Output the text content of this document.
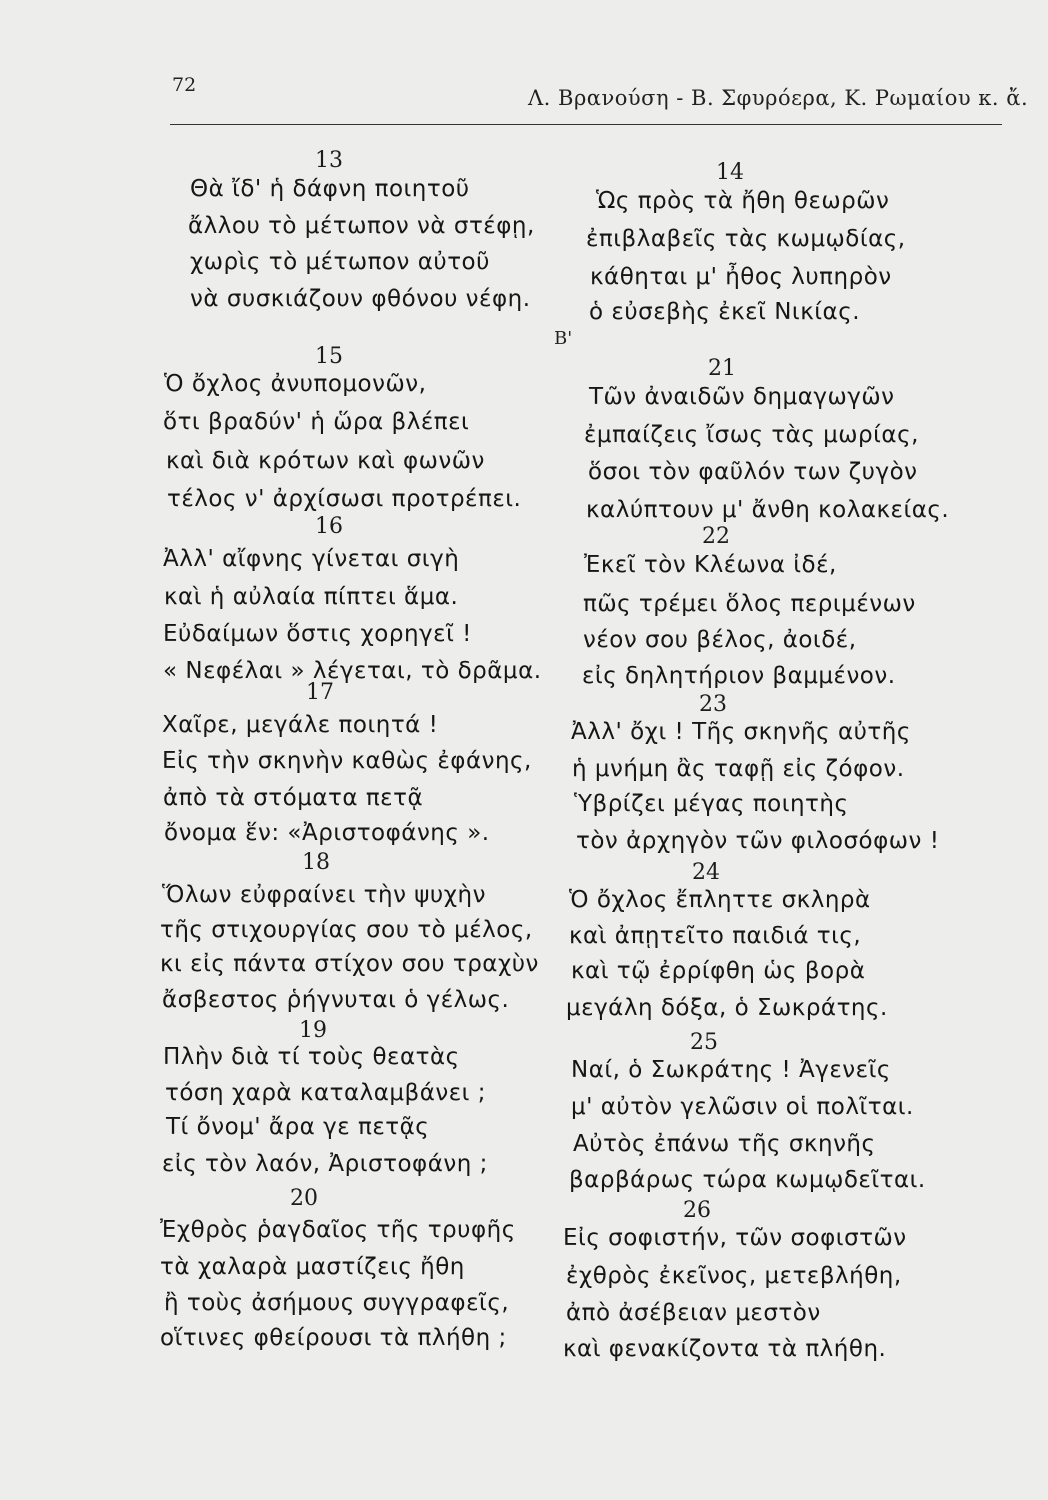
72
Λ. Βρανούση - Β. Σφυρόερα, Κ. Ρωμαίου κ. ἄ.
Β'
13
Θὰ ἴδ' ἡ δάφνη ποιητοῦ
ἄλλου τὸ μέτωπον νὰ στέφῃ,
χωρὶς τὸ μέτωπον αὐτοῦ
νὰ συσκιάζουν φθόνου νέφη.
15
Ὁ ὄχλος ἀνυπομονῶν,
ὅτι βραδύν' ἡ ὥρα βλέπει
καὶ διὰ κρότων καὶ φωνῶν
τέλος ν' ἀρχίσωσι προτρέπει.
16
Ἀλλ' αἴφνης γίνεται σιγὴ
καὶ ἡ αὐλαία πίπτει ἅμα.
Εὐδαίμων ὅστις χορηγεῖ !
« Νεφέλαι » λέγεται, τὸ δρᾶμα.
17
Χαῖρε, μεγάλε ποιητά !
Εἰς τὴν σκηνὴν καθὼς ἐφάνης,
ἀπὸ τὰ στόματα πετᾷ
ὄνομα ἕν: «Ἀριστοφάνης ».
18
Ὅλων εὐφραίνει τὴν ψυχὴν
τῆς στιχουργίας σου τὸ μέλος,
κι εἰς πάντα στίχον σου τραχὺν
ἄσβεστος ῥήγνυται ὁ γέλως.
19
Πλὴν διὰ τί τοὺς θεατὰς
τόση χαρὰ καταλαμβάνει ;
Τί ὄνομ' ἄρα γε πετᾷς
εἰς τὸν λαόν, Ἀριστοφάνη ;
20
Ἐχθρὸς ῥαγδαῖος τῆς τρυφῆς
τὰ χαλαρὰ μαστίζεις ἤθη
ἢ τοὺς ἀσήμους συγγραφεῖς,
οἵτινες φθείρουσι τὰ πλήθη ;
14
Ὡς πρὸς τὰ ἤθη θεωρῶν
ἐπιβλαβεῖς τὰς κωμῳδίας,
κάθηται μ' ἦθος λυπηρὸν
ὁ εὐσεβὴς ἐκεῖ Νικίας.
21
Τῶν ἀναιδῶν δημαγωγῶν
ἐμπαίζεις ἴσως τὰς μωρίας,
ὅσοι τὸν φαῦλόν των ζυγὸν
καλύπτουν μ' ἄνθη κολακείας.
22
Ἐκεῖ τὸν Κλέωνα ἰδέ,
πῶς τρέμει ὅλος περιμένων
νέον σου βέλος, ἀοιδέ,
εἰς δηλητήριον βαμμένον.
23
Ἀλλ' ὄχι ! Τῆς σκηνῆς αὐτῆς
ἡ μνήμη ἂς ταφῇ εἰς ζόφον.
Ὑβρίζει μέγας ποιητὴς
τὸν ἀρχηγὸν τῶν φιλοσόφων !
24
Ὁ ὄχλος ἔπληττε σκληρὰ
καὶ ἀπῃτεῖτο παιδιά τις,
καὶ τῷ ἐρρίφθη ὡς βορὰ
μεγάλη δόξα, ὁ Σωκράτης.
25
Ναί, ὁ Σωκράτης ! Ἀγενεῖς
μ' αὐτὸν γελῶσιν οἱ πολῖται.
Αὐτὸς ἐπάνω τῆς σκηνῆς
βαρβάρως τώρα κωμῳδεῖται.
26
Εἰς σοφιστήν, τῶν σοφιστῶν
ἐχθρὸς ἐκεῖνος, μετεβλήθη,
ἀπὸ ἀσέβειαν μεστὸν
καὶ φενακίζοντα τὰ πλήθη.
